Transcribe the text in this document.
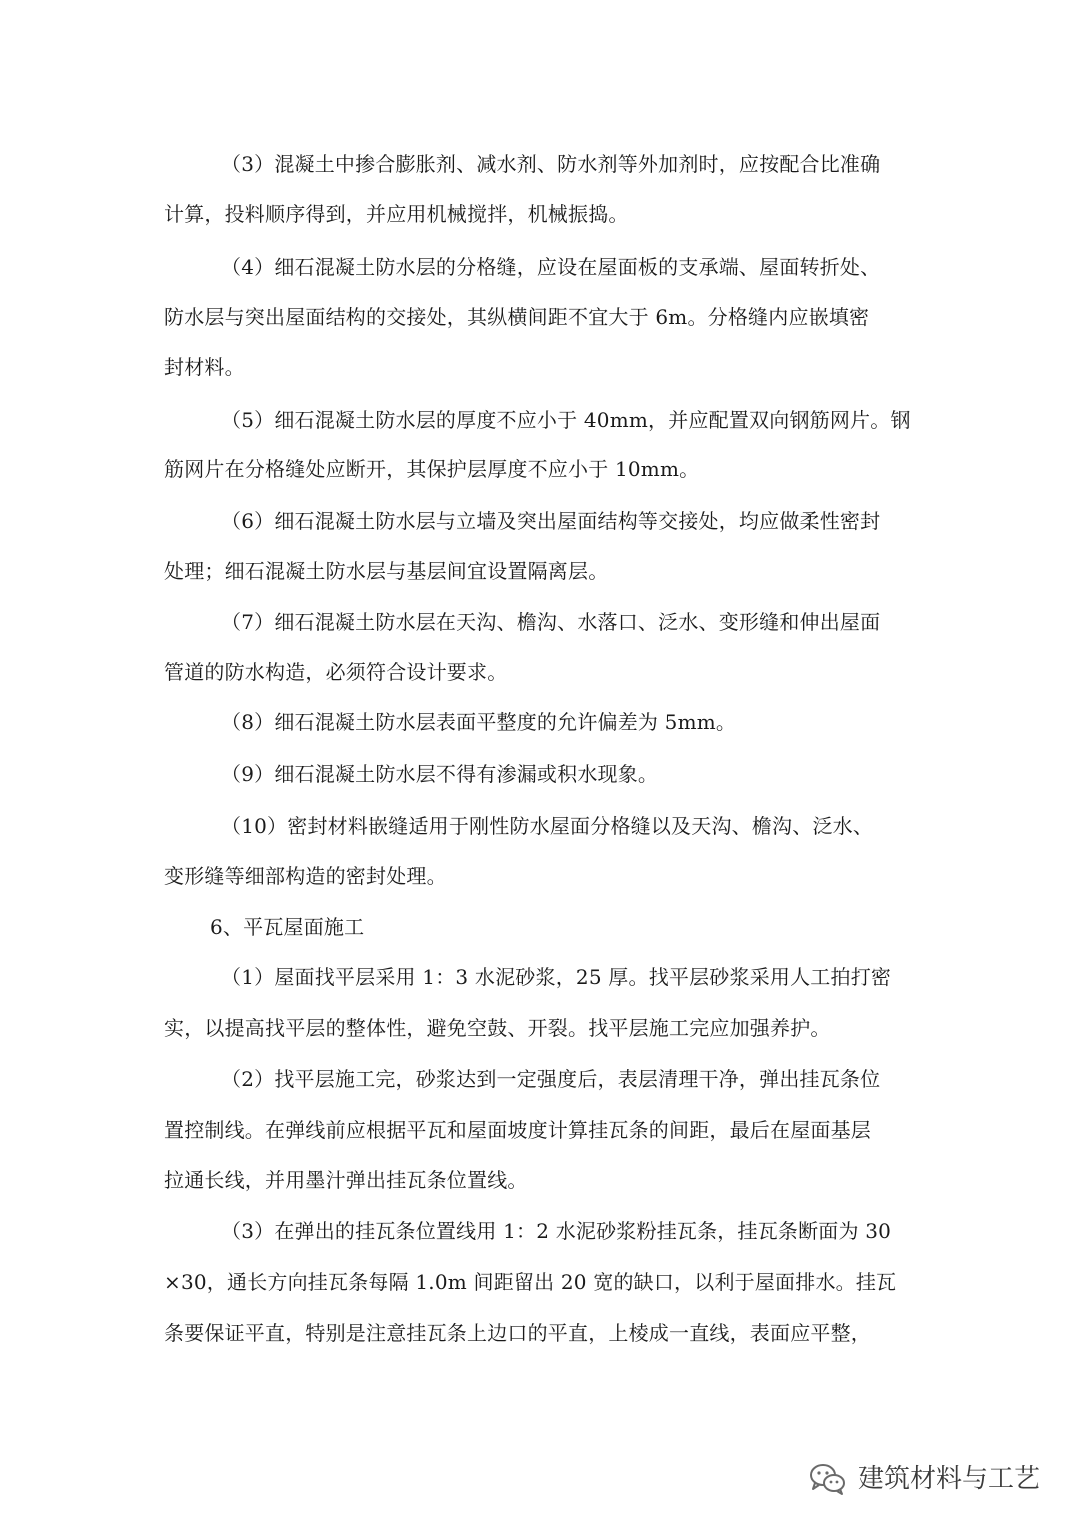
（3）混凝土中掺合膨胀剂、减水剂、防水剂等外加剂时，应按配合比准确
计算，投料顺序得到，并应用机械搅拌，机械振捣。
（4）细石混凝土防水层的分格缝，应设在屋面板的支承端、屋面转折处、
防水层与突出屋面结构的交接处，其纵横间距不宜大于 6m。分格缝内应嵌填密
封材料。
（5）细石混凝土防水层的厚度不应小于 40mm，并应配置双向钢筋网片。钢
筋网片在分格缝处应断开，其保护层厚度不应小于 10mm。
（6）细石混凝土防水层与立墙及突出屋面结构等交接处，均应做柔性密封
处理；细石混凝土防水层与基层间宜设置隔离层。
（7）细石混凝土防水层在天沟、檐沟、水落口、泛水、变形缝和伸出屋面
管道的防水构造，必须符合设计要求。
（8）细石混凝土防水层表面平整度的允许偏差为 5mm。
（9）细石混凝土防水层不得有渗漏或积水现象。
（10）密封材料嵌缝适用于刚性防水屋面分格缝以及天沟、檐沟、泛水、
变形缝等细部构造的密封处理。
6、平瓦屋面施工
（1）屋面找平层采用 1：3 水泥砂浆，25 厚。找平层砂浆采用人工拍打密
实，以提高找平层的整体性，避免空鼓、开裂。找平层施工完应加强养护。
（2）找平层施工完，砂浆达到一定强度后，表层清理干净，弹出挂瓦条位
置控制线。在弹线前应根据平瓦和屋面坡度计算挂瓦条的间距，最后在屋面基层
拉通长线，并用墨汁弹出挂瓦条位置线。
（3）在弹出的挂瓦条位置线用 1：2 水泥砂浆粉挂瓦条，挂瓦条断面为 30
×30，通长方向挂瓦条每隔 1.0m 间距留出 20 宽的缺口，以利于屋面排水。挂瓦
条要保证平直，特别是注意挂瓦条上边口的平直，上棱成一直线，表面应平整，
建筑材料与工艺
